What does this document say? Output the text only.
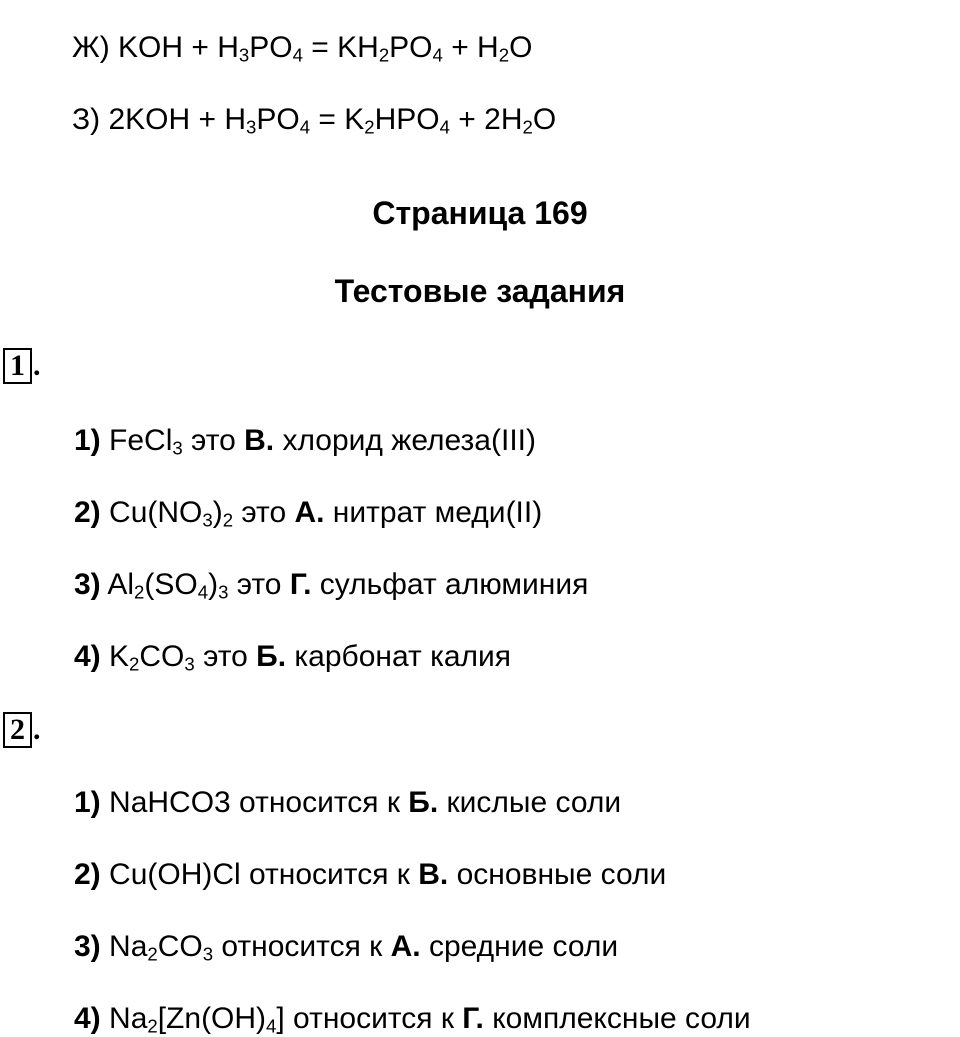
Ж) KOH + $H_3PO_4 = KH_2PO_4 + H_2O$
З) $2KOH + H_3PO_4 = K_2HPO_4 + 2H_2O$
Страница 169
Тестовые задания
1 .
1) FeCl$_3$ это В. хлорид железа(III)
2) $Cu(NO_3)_2$ это А. нитрат меди(II)
3) $Al_2(SO_4)_3$ это Г. сульфат алюминия
4) $K_2CO_3$ это Б. карбонат калия
2 .
1) NaHCO3 относится к Б. кислые соли
2) Cu(OH)Cl относится к В. основные соли
3) $Na_2CO_3$ относится к А. средние соли
4) $Na_2[Zn(OH)_4]$ относится к Г. комплексные соли
